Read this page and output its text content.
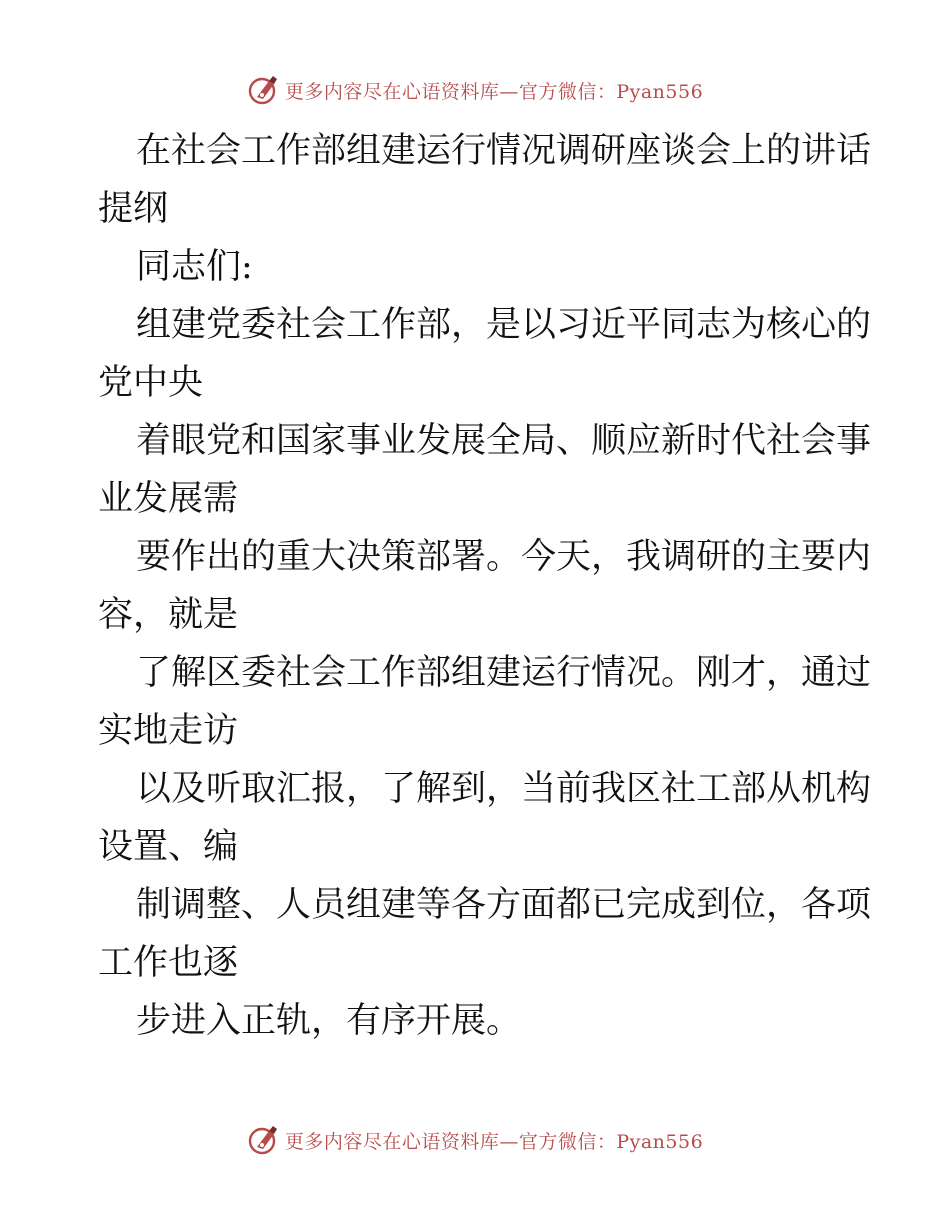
更多内容尽在心语资料库—官方微信：Pyan556

在社会工作部组建运行情况调研座谈会上的讲话
提纲

同志们:

组建党委社会工作部，是以习近平同志为核心的
党中央

着眼党和国家事业发展全局、顺应新时代社会事
业发展需

要作出的重大决策部署。今天，我调研的主要内
容，就是

了解区委社会工作部组建运行情况。刚才，通过
实地走访

以及听取汇报，了解到，当前我区社工部从机构
设置、编

制调整、人员组建等各方面都已完成到位，各项
工作也逐

步进入正轨，有序开展。

更多内容尽在心语资料库—官方微信：Pyan556
